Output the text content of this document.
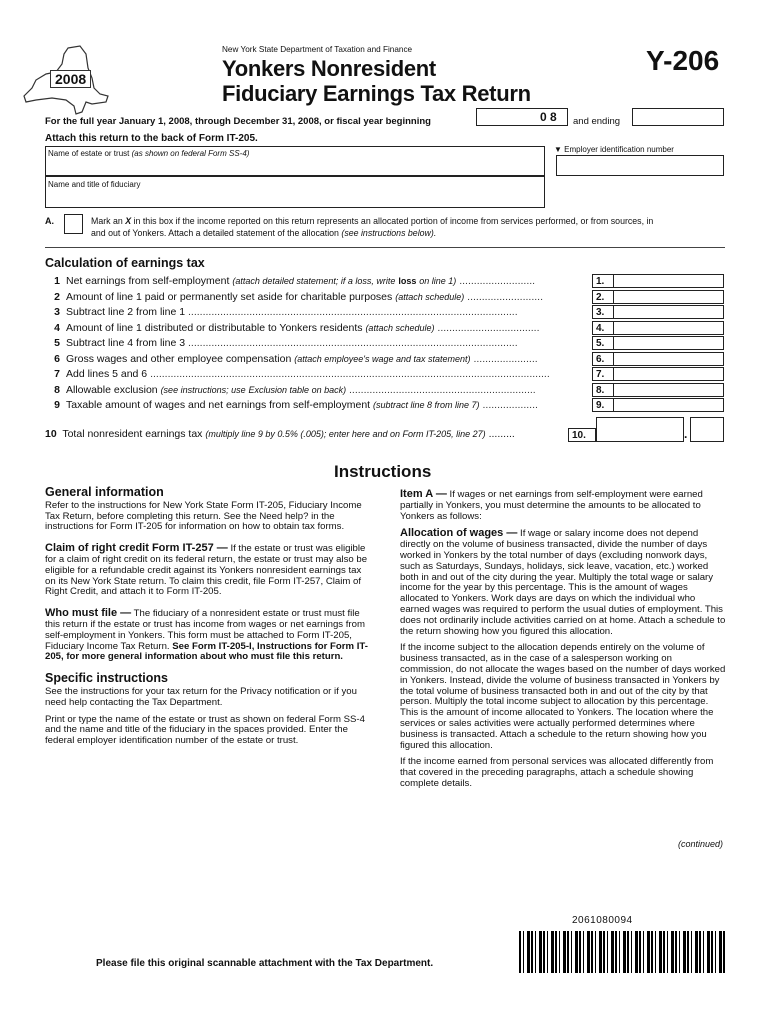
2008
New York State Department of Taxation and Finance
Yonkers Nonresident
Fiduciary Earnings Tax Return
Y-206
For the full year January 1, 2008, through December 31, 2008, or fiscal year beginning	0 8 and ending
Attach this return to the back of Form IT-205.
Name of estate or trust (as shown on federal Form SS-4)	▼ Employer identification number
Name and title of fiduciary
A.	Mark an X in this box if the income reported on this return represents an allocated portion of income from services performed, or from sources, in
and out of Yonkers. Attach a detailed statement of the allocation (see instructions below).
Calculation of earnings tax
1 Net earnings from self-employment (attach detailed statement; if a loss, write loss on line 1) ..........................	1.
2 Amount of line 1 paid or permanently set aside for charitable purposes (attach schedule) ..........................	2.
3 Subtract line 2 from line 1 .................................................................................................................	3.
4 Amount of line 1 distributed or distributable to Yonkers residents (attach schedule) ...................................	4.
5 Subtract line 4 from line 3 .................................................................................................................	5.
6 Gross wages and other employee compensation (attach employee's wage and tax statement) ......................	6.
7 Add lines 5 and 6 .........................................................................................................................................	7.
8 Allowable exclusion (see instructions; use Exclusion table on back) ................................................................	8.
9 Taxable amount of wages and net earnings from self-employment (subtract line 8 from line 7) ...................	9.
10 Total nonresident earnings tax (multiply line 9 by 0.5% (.005); enter here and on Form IT-205, line 27) .........	10.	.
Instructions
General information

Refer to the instructions for New York State Form IT-205, Fiduciary Income Tax Return, before completing this return. See the Need help? in the instructions for Form IT-205 for information on how to obtain tax forms.

Claim of right credit Form IT-257 — If the estate or trust was eligible for a claim of right credit on its federal return, the estate or trust may also be eligible for a refundable credit against its Yonkers nonresident earnings tax on its New York State return. To claim this credit, file Form IT-257, Claim of Right Credit, and attach it to Form IT-205.

Who must file — The fiduciary of a nonresident estate or trust must file this return if the estate or trust has income from wages or net earnings from self-employment in Yonkers. This form must be attached to Form IT-205, Fiduciary Income Tax Return. See Form IT-205-I, Instructions for Form IT-205, for more general information about who must file this return.

Specific instructions

See the instructions for your tax return for the Privacy notification or if you need help contacting the Tax Department.

Print or type the name of the estate or trust as shown on federal Form SS-4 and the name and title of the fiduciary in the spaces provided. Enter the federal employer identification number of the estate or trust.

Item A — If wages or net earnings from self-employment were earned partially in Yonkers, you must determine the amounts to be allocated to Yonkers as follows:

Allocation of wages — If wage or salary income does not depend directly on the volume of business transacted, divide the number of days worked in Yonkers by the total number of days (excluding nonwork days, such as Saturdays, Sundays, holidays, sick leave, vacation, etc.) worked both in and out of the city during the year. Multiply the total wage or salary income for the year by this percentage. This is the amount of wages allocated to Yonkers. Work days are days on which the individual who earned wages was required to perform the usual duties of employment. This does not ordinarily include activities carried on at home. Attach a schedule to the return showing how you figured this allocation.

If the income subject to the allocation depends entirely on the volume of business transacted, as in the case of a salesperson working on commission, do not allocate the wages based on the number of days worked in Yonkers. Instead, divide the volume of business transacted in Yonkers by the total volume of business transacted both in and out of the city by that person. Multiply the total income subject to allocation by this percentage. This is the amount of income allocated to Yonkers. The location where the services or sales activities were actually performed determines where business is transacted. Attach a schedule to the return showing how you figured this allocation.

If the income earned from personal services was allocated differently from that covered in the preceding paragraphs, attach a schedule showing complete details.

(continued)
2061080094
Please file this original scannable attachment with the Tax Department.
